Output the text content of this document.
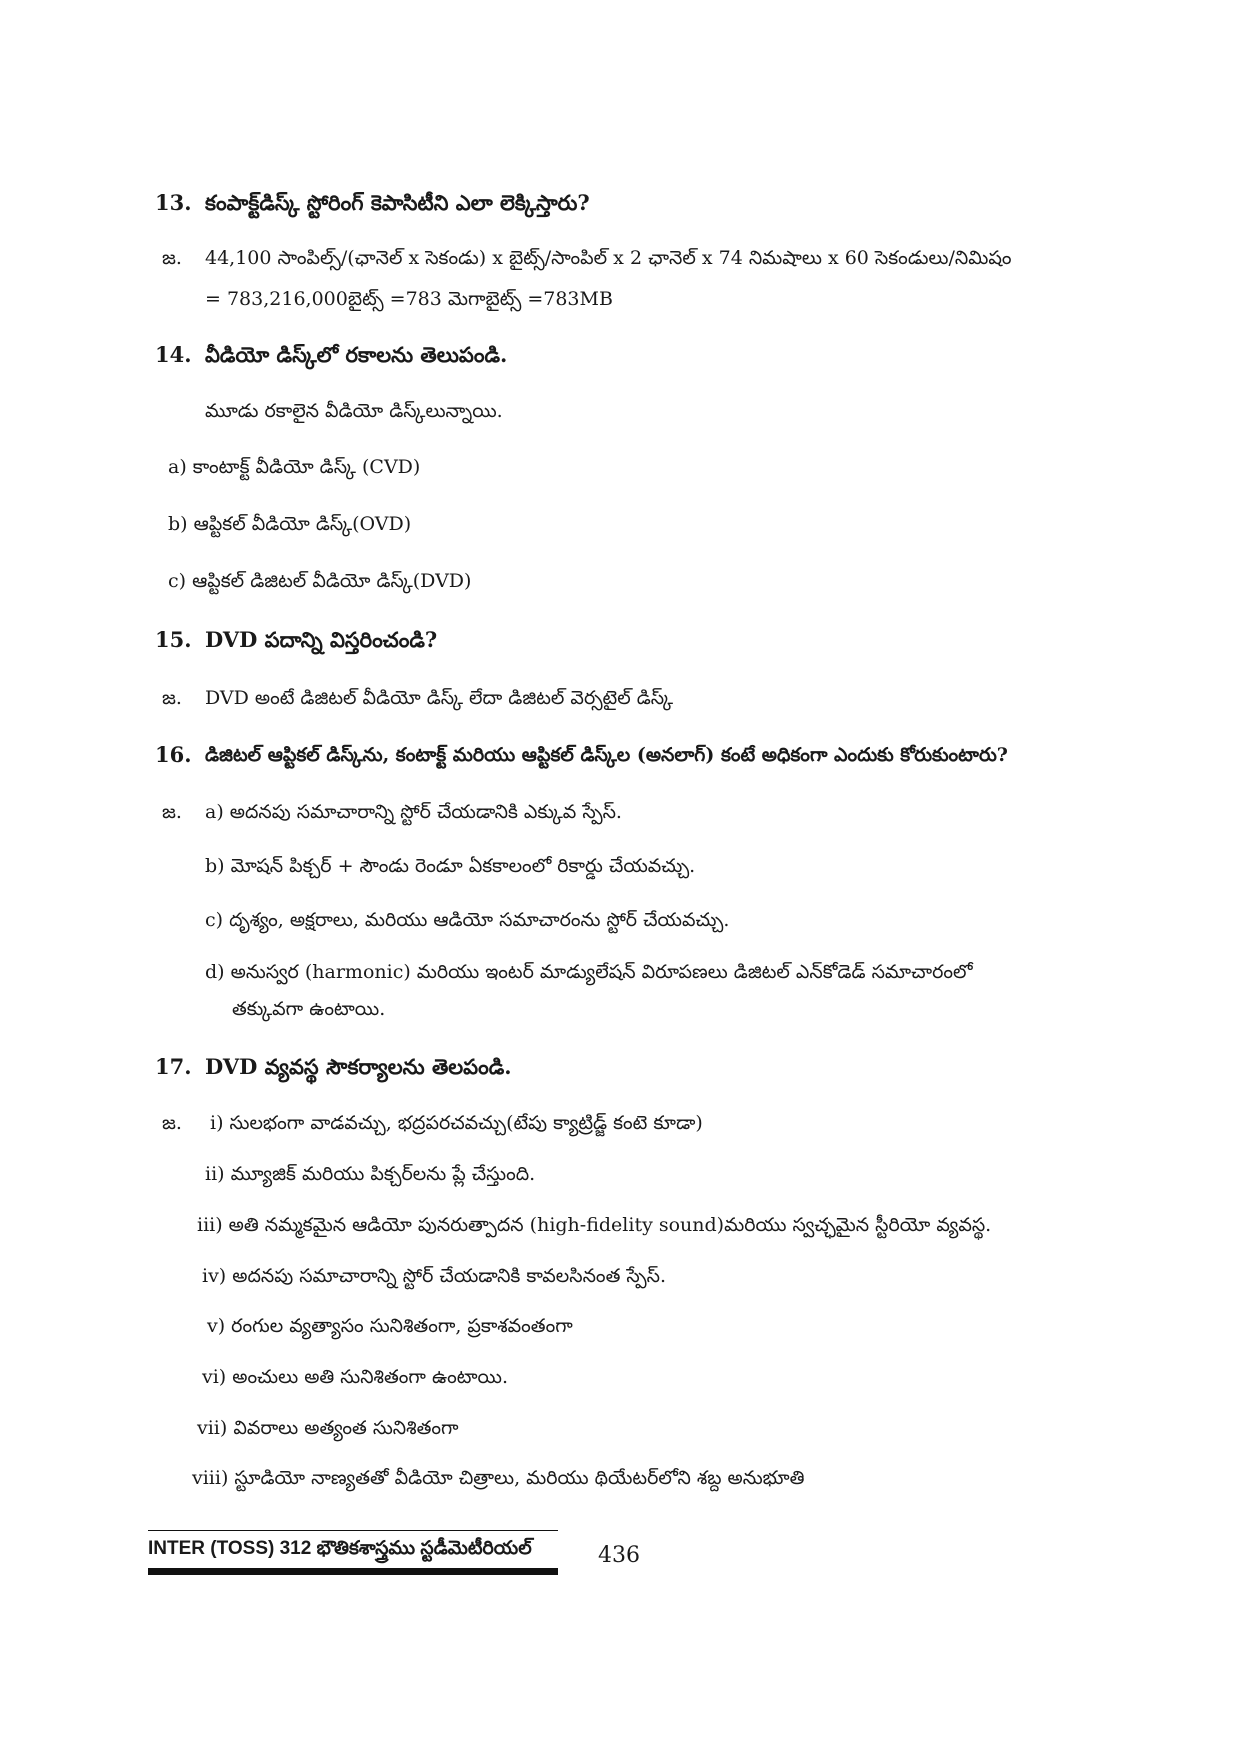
13. కంపాక్ట్‌డిస్క్ స్టోరింగ్ కెపాసిటీని ఎలా లెక్కిస్తారు?
జ. 44,100 సాంపిల్స్/(ఛానెల్ x సెకండు) x బైట్స్/సాంపిల్ x 2 ఛానెల్ x 74 నిమషాలు x 60 సెకండులు/నిమిషం
= 783,216,000బైట్స్ =783 మెగాబైట్స్ =783MB
14. వీడియో డిస్క్‌లో రకాలను తెలుపండి.
మూడు రకాలైన వీడియో డిస్క్‌లున్నాయి.
a) కాంటాక్ట్ వీడియో డిస్క్ (CVD)
b) ఆప్టికల్ వీడియో డిస్క్(OVD)
c) ఆప్టికల్ డిజిటల్ వీడియో డిస్క్(DVD)
15. DVD పదాన్ని విస్తరించండి?
జ. DVD అంటే డిజిటల్ వీడియో డిస్క్ లేదా డిజిటల్ వెర్సటైల్ డిస్క్
16. డిజిటల్ ఆప్టికల్ డిస్క్‌ను, కంటాక్ట్ మరియు ఆప్టికల్ డిస్క్‌ల (అనలాగ్) కంటే అధికంగా ఎందుకు కోరుకుంటారు?
జ. a) అదనపు సమాచారాన్ని స్టోర్ చేయడానికి ఎక్కువ స్పేస్.
b) మోషన్ పిక్చర్ + సౌండు రెండూ ఏకకాలంలో రికార్డు చేయవచ్చు.
c) దృశ్యం, అక్షరాలు, మరియు ఆడియో సమాచారంను స్టోర్ చేయవచ్చు.
d) అనుస్వర (harmonic) మరియు ఇంటర్ మాడ్యులేషన్ విరూపణలు డిజిటల్ ఎన్‌కోడెడ్ సమాచారంలో
తక్కువగా ఉంటాయి.
17. DVD వ్యవస్థ సౌకర్యాలను తెలపండి.
జ. i) సులభంగా వాడవచ్చు, భద్రపరచవచ్చు(టేపు క్యాట్రిడ్జ్ కంటె కూడా)
ii) మ్యూజిక్ మరియు పిక్చర్‌లను ప్లే చేస్తుంది.
iii) అతి నమ్మకమైన ఆడియో పునరుత్పాదన (high-fidelity sound)మరియు స్వచ్ఛమైన స్టీరియో వ్యవస్థ.
iv) అదనపు సమాచారాన్ని స్టోర్ చేయడానికి కావలసినంత స్పేస్.
v) రంగుల వ్యత్యాసం సునిశితంగా, ప్రకాశవంతంగా
vi) అంచులు అతి సునిశితంగా ఉంటాయి.
vii) వివరాలు అత్యంత సునిశితంగా
viii) స్టూడియో నాణ్యతతో వీడియో చిత్రాలు, మరియు థియేటర్‌లోని శబ్ద అనుభూతి
INTER (TOSS) 312 భౌతికశాస్త్రము స్టడీమెటీరియల్	436
